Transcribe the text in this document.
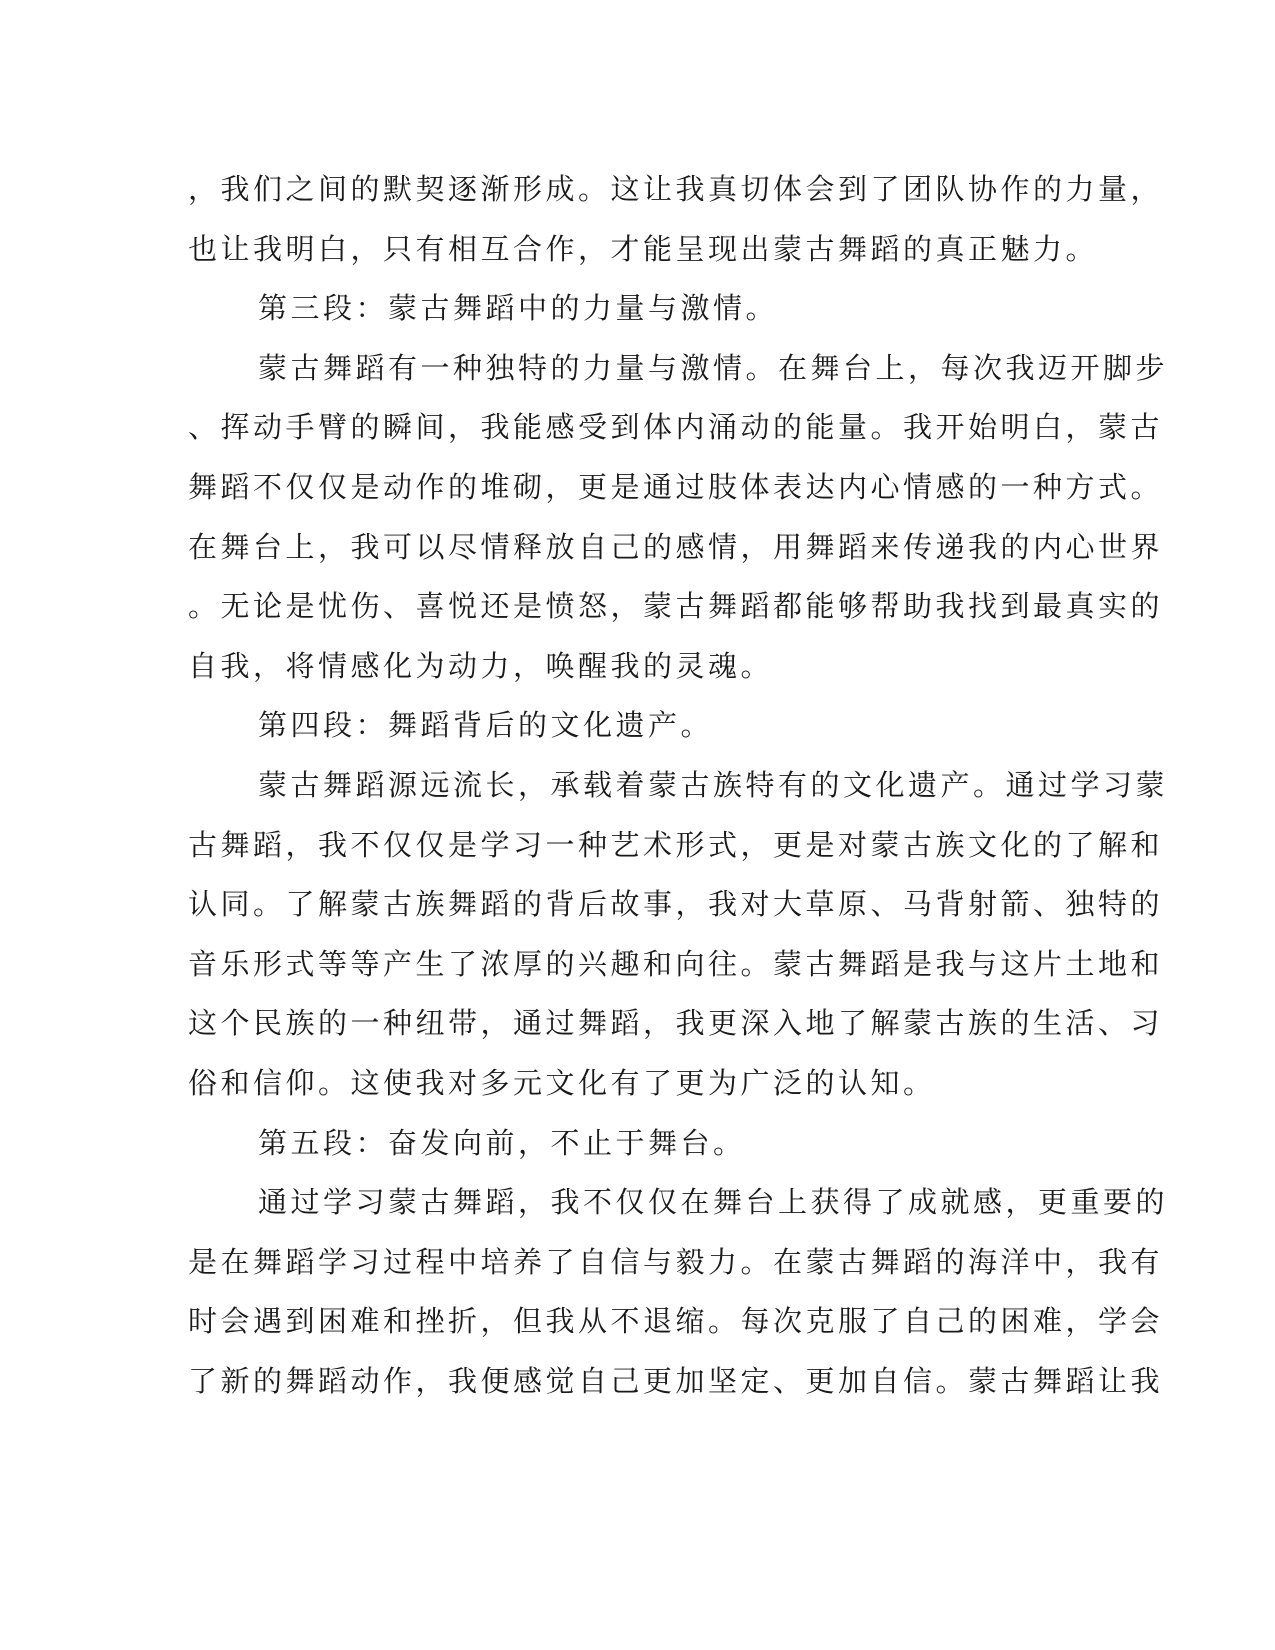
，我们之间的默契逐渐形成。这让我真切体会到了团队协作的力量，
也让我明白，只有相互合作，才能呈现出蒙古舞蹈的真正魅力。
第三段：蒙古舞蹈中的力量与激情。
蒙古舞蹈有一种独特的力量与激情。在舞台上，每次我迈开脚步
、挥动手臂的瞬间，我能感受到体内涌动的能量。我开始明白，蒙古
舞蹈不仅仅是动作的堆砌，更是通过肢体表达内心情感的一种方式。
在舞台上，我可以尽情释放自己的感情，用舞蹈来传递我的内心世界
。无论是忧伤、喜悦还是愤怒，蒙古舞蹈都能够帮助我找到最真实的
自我，将情感化为动力，唤醒我的灵魂。
第四段：舞蹈背后的文化遗产。
蒙古舞蹈源远流长，承载着蒙古族特有的文化遗产。通过学习蒙
古舞蹈，我不仅仅是学习一种艺术形式，更是对蒙古族文化的了解和
认同。了解蒙古族舞蹈的背后故事，我对大草原、马背射箭、独特的
音乐形式等等产生了浓厚的兴趣和向往。蒙古舞蹈是我与这片土地和
这个民族的一种纽带，通过舞蹈，我更深入地了解蒙古族的生活、习
俗和信仰。这使我对多元文化有了更为广泛的认知。
第五段：奋发向前，不止于舞台。
通过学习蒙古舞蹈，我不仅仅在舞台上获得了成就感，更重要的
是在舞蹈学习过程中培养了自信与毅力。在蒙古舞蹈的海洋中，我有
时会遇到困难和挫折，但我从不退缩。每次克服了自己的困难，学会
了新的舞蹈动作，我便感觉自己更加坚定、更加自信。蒙古舞蹈让我
